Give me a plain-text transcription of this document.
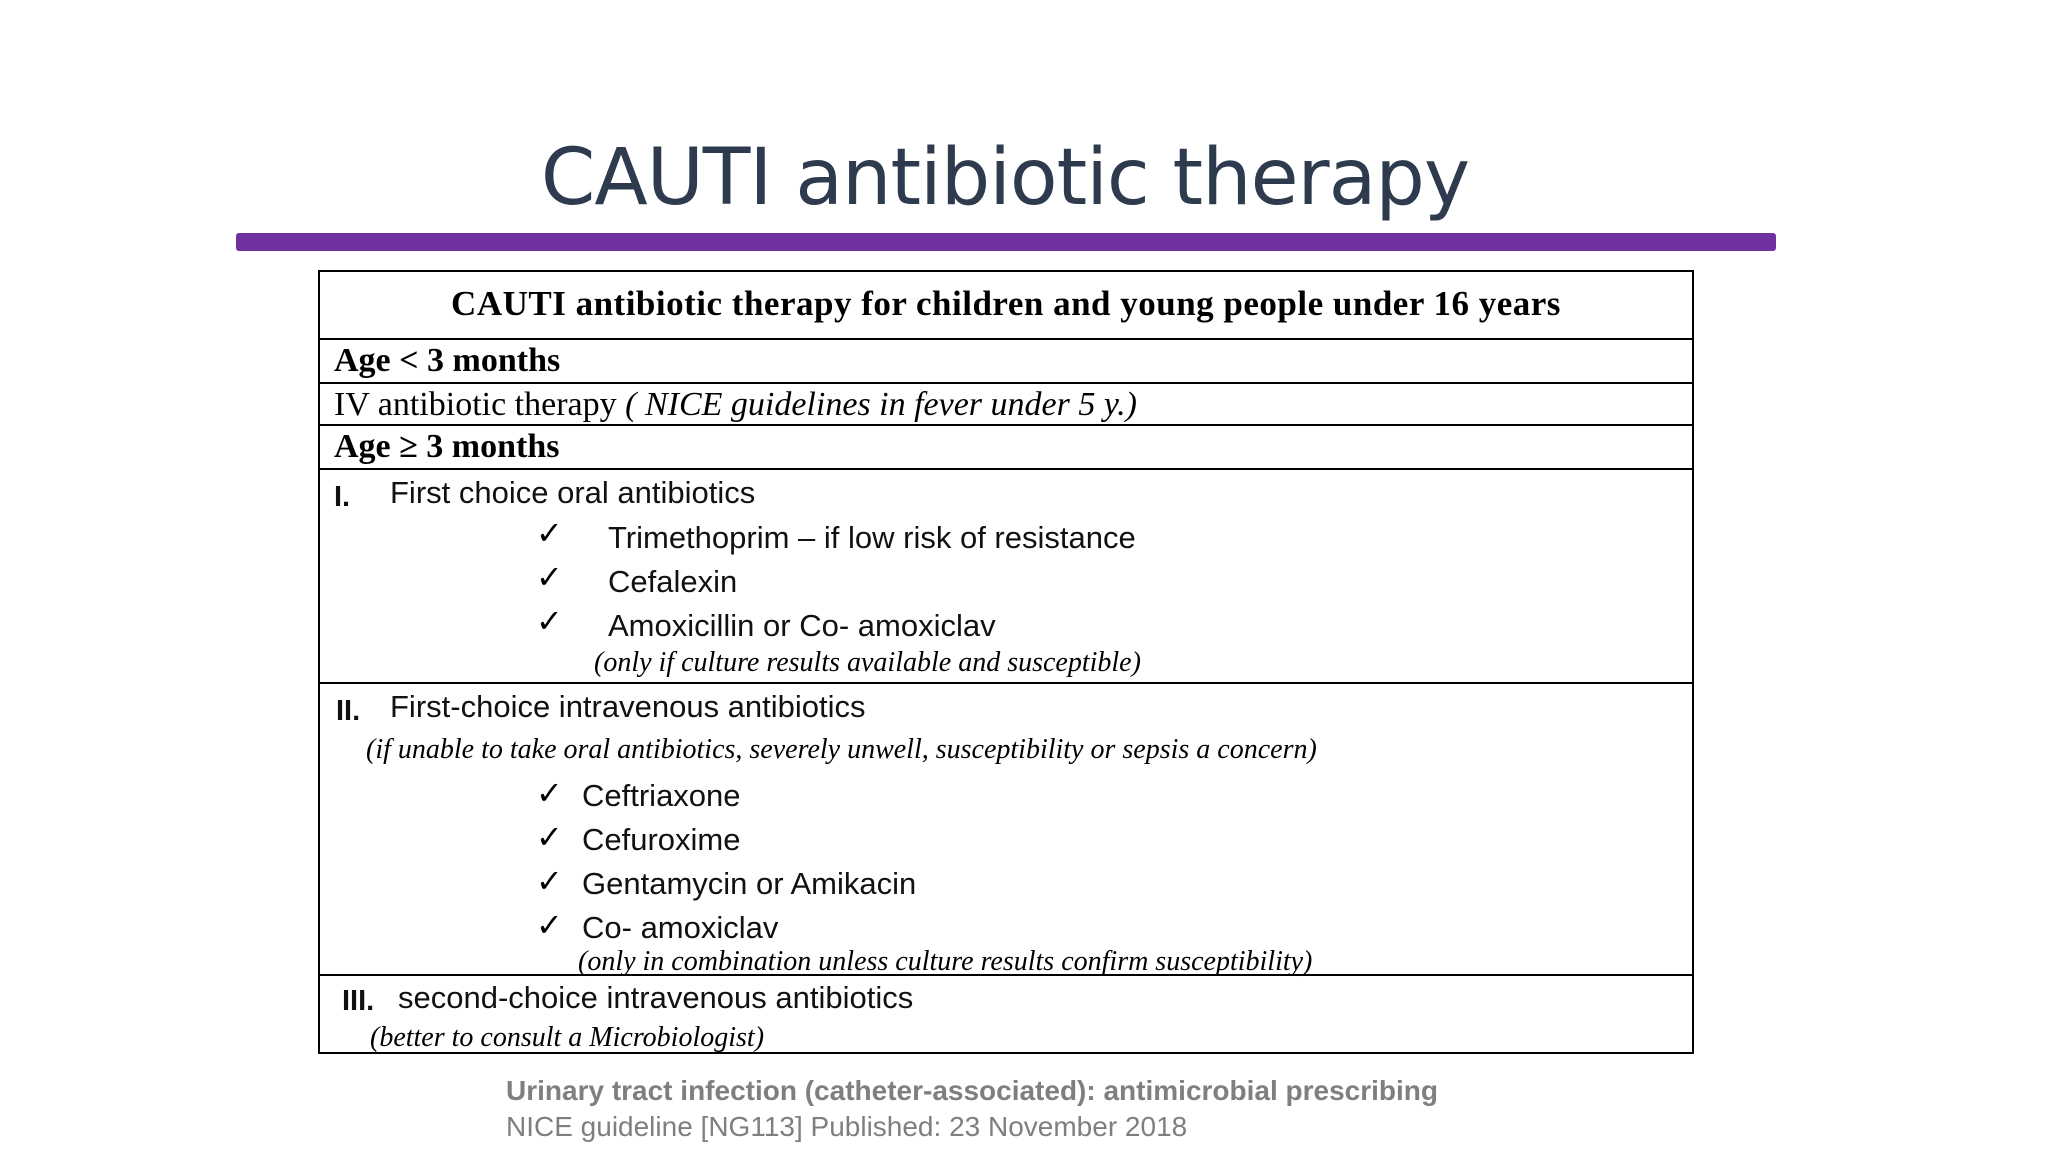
CAUTI antibiotic therapy
CAUTI antibiotic therapy for children and young people under 16 years
Age < 3 months
IV antibiotic therapy ( NICE guidelines in fever under 5 y.)
Age ≥ 3 months
I. First choice oral antibiotics
✓ Trimethoprim – if low risk of resistance
✓ Cefalexin
✓ Amoxicillin or Co- amoxiclav
(only if culture results available and susceptible)
II. First-choice intravenous antibiotics
(if unable to take oral antibiotics, severely unwell, susceptibility or sepsis a concern)
✓ Ceftriaxone
✓ Cefuroxime
✓ Gentamycin or Amikacin
✓ Co- amoxiclav
(only in combination unless culture results confirm susceptibility)
III. second-choice intravenous antibiotics
(better to consult a Microbiologist)
Urinary tract infection (catheter-associated): antimicrobial prescribing
NICE guideline [NG113] Published: 23 November 2018
